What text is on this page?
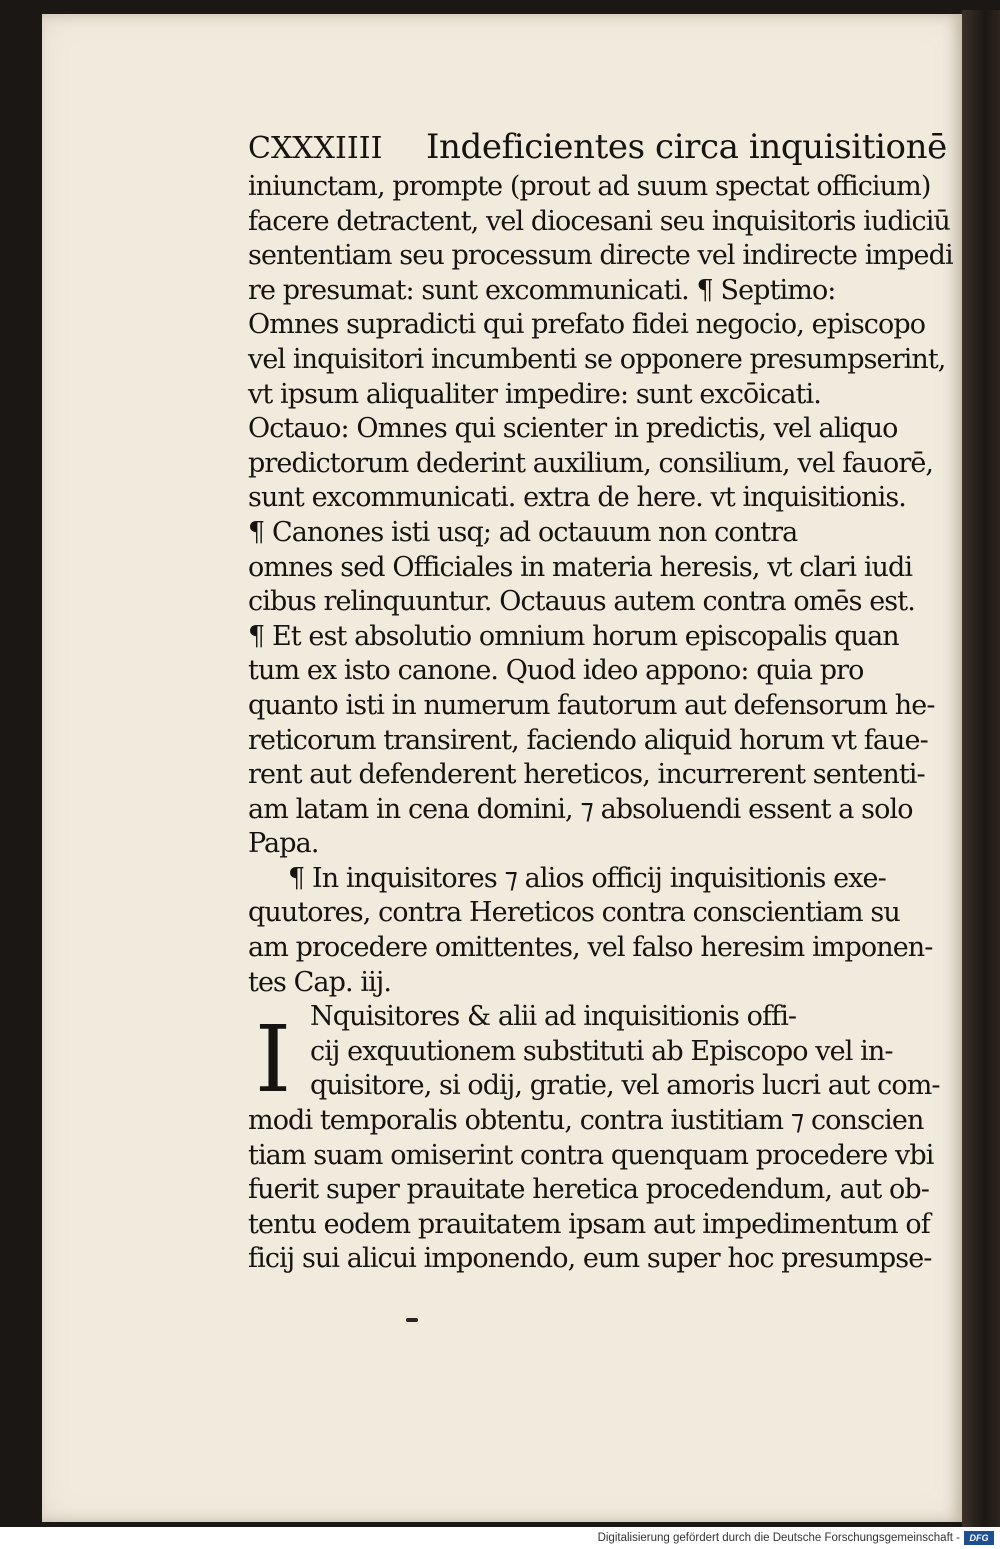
CXXXIIII Indeficientes circa inquisitionē
iniunctam, prompte (prout ad suum spectat officium)
facere detractent, vel diocesani seu inquisitoris iudiciū
sententiam seu processum directe vel indirecte impedi
re presumat: sunt excommunicati. ¶ Septimo:
Omnes supradicti qui prefato fidei negocio, episcopo
vel inquisitori incumbenti se opponere presumpserint,
vt ipsum aliqualiter impedire: sunt excōicati.
Octauo: Omnes qui scienter in predictis, vel aliquo
predictorum dederint auxilium, consilium, vel fauorē,
sunt excommunicati. extra de here. vt inquisitionis.
¶ Canones isti usq; ad octauum non contra
omnes sed Officiales in materia heresis, vt clari iudi
cibus relinquuntur. Octauus autem contra omēs est.
¶ Et est absolutio omnium horum episcopalis quan
tum ex isto canone. Quod ideo appono: quia pro
quanto isti in numerum fautorum aut defensorum he-
reticorum transirent, faciendo aliquid horum vt faue-
rent aut defenderent hereticos, incurrerent sententi-
am latam in cena domini, ⁊ absoluendi essent a solo
Papa.
¶ In inquisitores ⁊ alios officij inquisitionis exe-
quutores, contra Hereticos contra conscientiam su
am procedere omittentes, vel falso heresim imponen-
tes Cap. iij.
Nquisitores & alii ad inquisitionis offi-
cij exquutionem substituti ab Episcopo vel in-
quisitore, si odij, gratie, vel amoris lucri aut com-
modi temporalis obtentu, contra iustitiam ⁊ conscien
tiam suam omiserint contra quenquam procedere vbi
fuerit super prauitate heretica procedendum, aut ob-
tentu eodem prauitatem ipsam aut impedimentum of
ficij sui alicui imponendo, eum super hoc presumpse-
I
Digitalisierung gefördert durch die Deutsche Forschungsgemeinschaft -	DFG
